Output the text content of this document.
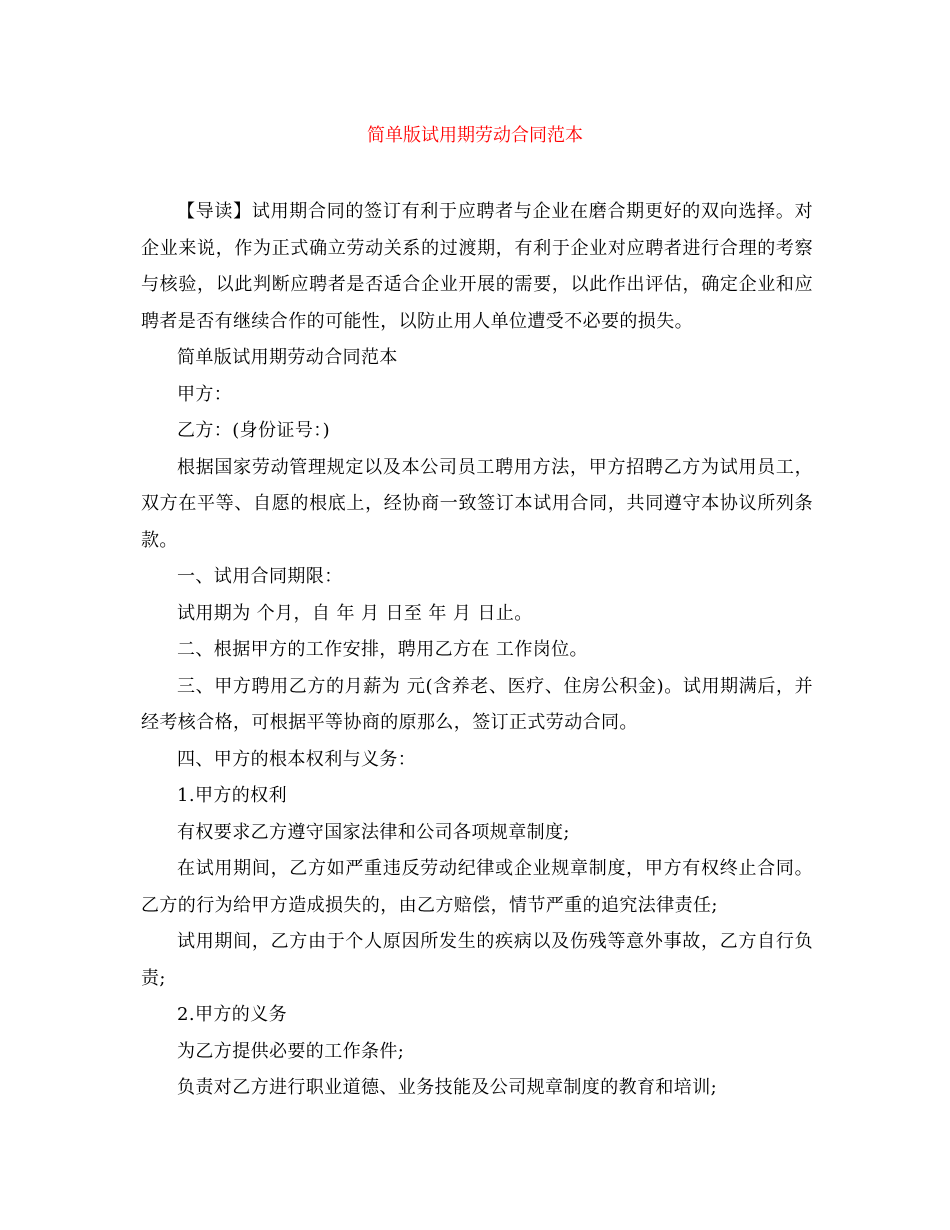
简单版试用期劳动合同范本

【导读】试用期合同的签订有利于应聘者与企业在磨合期更好的双向选择。对企业来说，作为正式确立劳动关系的过渡期，有利于企业对应聘者进行合理的考察与核验，以此判断应聘者是否适合企业开展的需要，以此作出评估，确定企业和应聘者是否有继续合作的可能性，以防止用人单位遭受不必要的损失。

简单版试用期劳动合同范本

甲方：

乙方：(身份证号：)

根据国家劳动管理规定以及本公司员工聘用方法，甲方招聘乙方为试用员工，双方在平等、自愿的根底上，经协商一致签订本试用合同，共同遵守本协议所列条款。

一、试用合同期限：

试用期为 个月，自 年 月 日至 年 月 日止。

二、根据甲方的工作安排，聘用乙方在 工作岗位。

三、甲方聘用乙方的月薪为 元(含养老、医疗、住房公积金)。试用期满后，并经考核合格，可根据平等协商的原那么，签订正式劳动合同。

四、甲方的根本权利与义务：

1.甲方的权利

有权要求乙方遵守国家法律和公司各项规章制度;

在试用期间，乙方如严重违反劳动纪律或企业规章制度，甲方有权终止合同。乙方的行为给甲方造成损失的，由乙方赔偿，情节严重的追究法律责任;

试用期间，乙方由于个人原因所发生的疾病以及伤残等意外事故，乙方自行负责;

2.甲方的义务

为乙方提供必要的工作条件;

负责对乙方进行职业道德、业务技能及公司规章制度的教育和培训;
